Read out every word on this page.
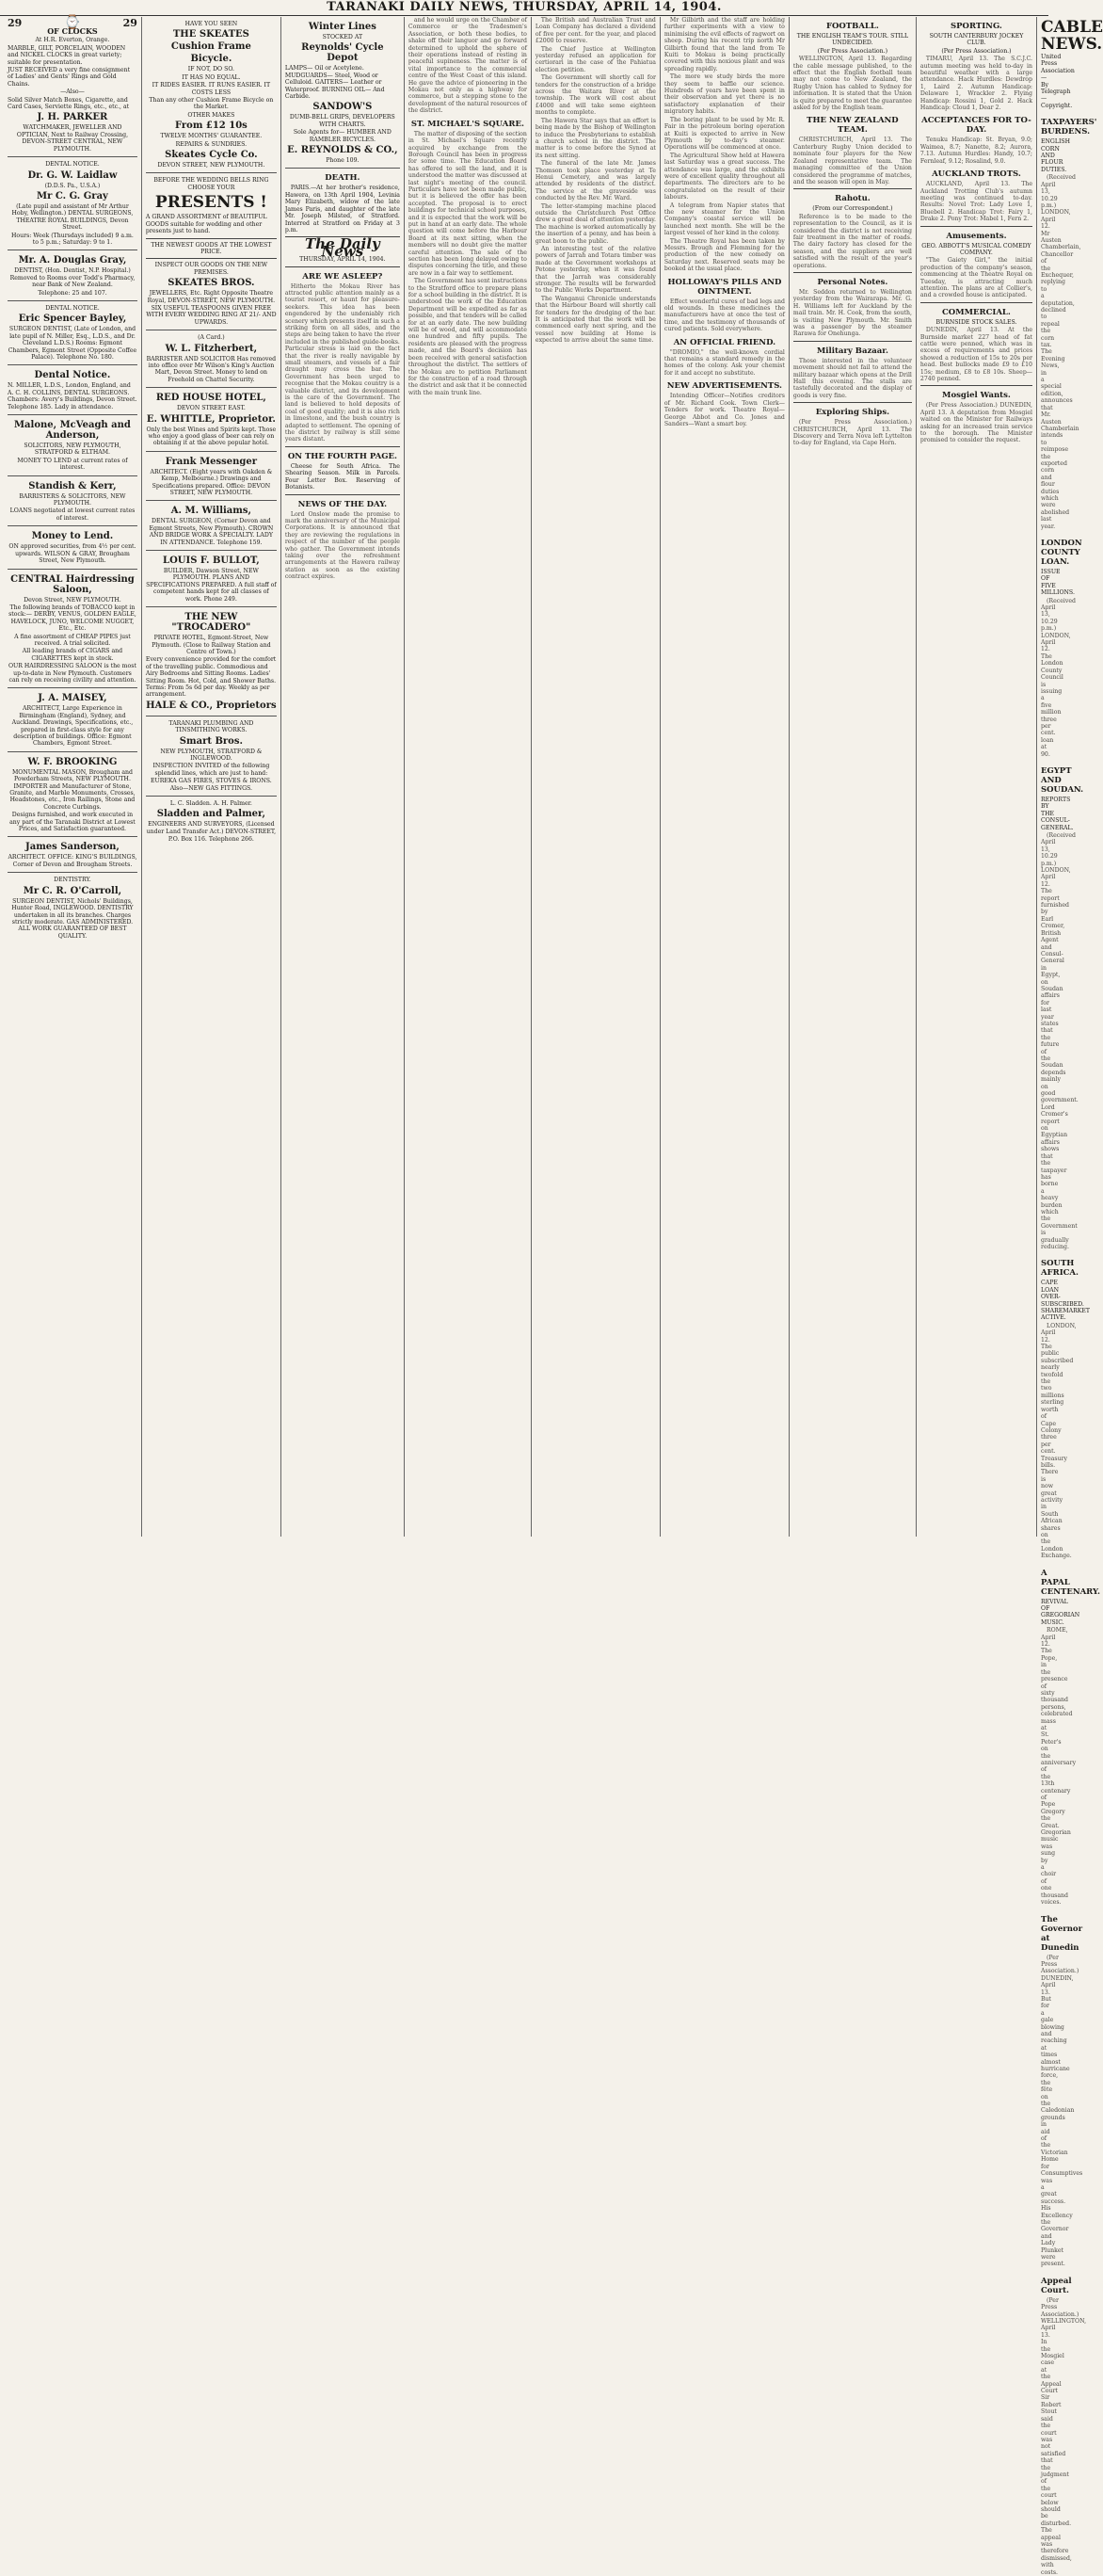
TARANAKI DAILY NEWS, THURSDAY, APRIL 14, 1904.
29	⌚	29
OF CLOCKS

At H.R. Everton, Orange.

MARBLE, GILT, PORCELAIN, WOODEN and NICKEL CLOCKS in great variety; suitable for presentation.

JUST RECEIVED a very fine consignment of Ladies' and Gents' Rings and Gold Chains.

—Also—

Solid Silver Match Boxes, Cigarette, and Card Cases, Serviette Rings, etc., etc., at

J. H. PARKER

WATCHMAKER, JEWELLER AND OPTICIAN, Next to Railway Crossing, DEVON-STREET CENTRAL, NEW PLYMOUTH.

DENTAL NOTICE.

Dr. G. W. Laidlaw

(D.D.S. Pa., U.S.A.)

Mr C. G. Gray

(Late pupil and assistant of Mr Arthur Hoby, Wellington.) DENTAL SURGEONS, THEATRE ROYAL BUILDINGS, Devon Street.

Hours: Week (Thursdays included) 9 a.m. to 5 p.m.; Saturday: 9 to 1.

Mr. A. Douglas Gray,

DENTIST, (Hon. Dentist, N.P. Hospital.) Removed to Rooms over Todd's Pharmacy, near Bank of New Zealand.

Telephone: 25 and 107.

DENTAL NOTICE.

Eric Spencer Bayley,

SURGEON DENTIST, (Late of London, and late pupil of N. Miller, Esq., L.D.S., and Dr. Cleveland L.D.S.) Rooms: Egmont Chambers, Egmont Street (Opposite Coffee Palace). Telephone No. 180.

Dental Notice.

N. MILLER, L.D.S., London, England, and A. C. H. COLLINS, DENTAL SURGEONS. Chambers: Avery's Buildings, Devon Street. Telephone 185. Lady in attendance.

Malone, McVeagh and Anderson,

SOLICITORS, NEW PLYMOUTH, STRATFORD & ELTHAM.

MONEY TO LEND at current rates of interest.

Standish & Kerr,

BARRISTERS & SOLICITORS, NEW PLYMOUTH.

LOANS negotiated at lowest current rates of interest.

Money to Lend.

ON approved securities, from 4½ per cent. upwards. WILSON & GRAY, Brougham Street, New Plymouth.

CENTRAL Hairdressing Saloon,

Devon Street, NEW PLYMOUTH.

The following brands of TOBACCO kept in stock:— DERBY, VENUS, GOLDEN EAGLE, HAVELOCK, JUNO, WELCOME NUGGET, Etc., Etc.

A fine assortment of CHEAP PIPES just received. A trial solicited.

All leading brands of CIGARS and CIGARETTES kept in stock.

OUR HAIRDRESSING SALOON is the most up-to-date in New Plymouth. Customers can rely on receiving civility and attention.

J. A. MAISEY,

ARCHITECT, Large Experience in Birmingham (England), Sydney, and Auckland. Drawings, Specifications, etc., prepared in first-class style for any description of buildings. Office: Egmont Chambers, Egmont Street.

W. F. BROOKING

MONUMENTAL MASON, Brougham and Powderham Streets, NEW PLYMOUTH. IMPORTER and Manufacturer of Stone, Granite, and Marble Monuments, Crosses, Headstones, etc., Iron Railings, Stone and Concrete Curbings.

Designs furnished, and work executed in any part of the Taranaki District at Lowest Prices, and Satisfaction guaranteed.

James Sanderson,

ARCHITECT. OFFICE: KING'S BUILDINGS, Corner of Devon and Brougham Streets.

DENTISTRY.

Mr C. R. O'Carroll,

SURGEON DENTIST, Nichols' Buildings, Hunter Road, INGLEWOOD. DENTISTRY undertaken in all its branches. Charges strictly moderate. GAS ADMINISTERED. ALL WORK GUARANTEED OF BEST QUALITY.

HAVE YOU SEEN

THE SKEATES
Cushion Frame
Bicycle.

IF NOT, DO SO.

IT HAS NO EQUAL.

IT RIDES EASIER. IT RUNS EASIER. IT COSTS LESS

Than any other Cushion Frame Bicycle on the Market.

OTHER MAKES

From £12 10s

TWELVE MONTHS' GUARANTEE.

REPAIRS & SUNDRIES.

Skeates Cycle Co.

DEVON STREET, NEW PLYMOUTH.

BEFORE THE WEDDING BELLS RING CHOOSE YOUR

PRESENTS !

A GRAND ASSORTMENT of BEAUTIFUL GOODS suitable for wedding and other presents just to hand.

THE NEWEST GOODS AT THE LOWEST PRICE.

INSPECT OUR GOODS ON THE NEW PREMISES.

SKEATES BROS.

JEWELLERS, Etc. Right Opposite Theatre Royal, DEVON-STREET, NEW PLYMOUTH.

SIX USEFUL TEASPOONS GIVEN FREE WITH EVERY WEDDING RING AT 21/- AND UPWARDS.

(A Card.)

W. L. Fitzherbert,

BARRISTER AND SOLICITOR Has removed into office over Mr Wilson's King's Auction Mart, Devon Street. Money to lend on Freehold on Chattel Security.

RED HOUSE HOTEL,

DEVON STREET EAST.

E. WHITTLE, Proprietor.

Only the best Wines and Spirits kept. Those who enjoy a good glass of beer can rely on obtaining it at the above popular hotel.

Frank Messenger

ARCHITECT. (Eight years with Oakden & Kemp, Melbourne.) Drawings and Specifications prepared. Office: DEVON STREET, NEW PLYMOUTH.

A. M. Williams,

DENTAL SURGEON, (Corner Devon and Egmont Streets, New Plymouth). CROWN AND BRIDGE WORK A SPECIALTY. LADY IN ATTENDANCE. Telephone 159.

LOUIS F. BULLOT,

BUILDER, Dawson Street, NEW PLYMOUTH. PLANS AND SPECIFICATIONS PREPARED. A full staff of competent hands kept for all classes of work. Phone 249.

THE NEW "TROCADERO"

PRIVATE HOTEL, Egmont-Street, New Plymouth. (Close to Railway Station and Centre of Town.)

Every convenience provided for the comfort of the travelling public. Commodious and Airy Bedrooms and Sitting Rooms. Ladies' Sitting Room. Hot, Cold, and Shower Baths. Terms: From 5s 6d per day. Weekly as per arrangement.

HALE & CO., Proprietors

TARANAKI PLUMBING AND TINSMITHING WORKS.

Smart Bros.

NEW PLYMOUTH, STRATFORD & INGLEWOOD.

INSPECTION INVITED of the following splendid lines, which are just to hand:

EUREKA GAS FIRES, STOVES & IRONS. Also—NEW GAS FITTINGS.

L. C. Sladden. A. H. Palmer.

Sladden and Palmer,

ENGINEERS AND SURVEYORS, (Licensed under Land Transfer Act.) DEVON-STREET,

P.O. Box 116. Telephone 266.

Winter Lines

STOCKED AT

Reynolds' Cycle Depot

LAMPS— Oil or Acetylene. MUDGUARDS— Steel, Wood or Celluloid. GAITERS— Leather or Waterproof. BURNING OIL— And Carbide.

SANDOW'S

DUMB-BELL GRIPS, DEVELOPERS WITH CHARTS.

Sole Agents for— HUMBER AND RAMBLER BICYCLES.

E. REYNOLDS & CO.,

Phone 109.

DEATH.

PARIS.—At her brother's residence, Hawera, on 13th April 1904, Levinia Mary Elizabeth, widow of the late James Paris, and daughter of the late Mr. Joseph Milsted, of Stratford. Interred at Stratford on Friday at 3 p.m.

The Daily News
THURSDAY, APRIL 14, 1904.
ARE WE ASLEEP?

Hitherto the Mokau River has attracted public attention mainly as a tourist resort, or haunt for pleasure-seekers. This idea has been engendered by the undeniably rich scenery which presents itself in such a striking form on all sides, and the steps are being taken to have the river included in the published guide-books. Particular stress is laid on the fact that the river is really navigable by small steamers, and vessels of a fair draught may cross the bar. The Government has been urged to recognise that the Mokau country is a valuable district, and its development is the care of the Government. The land is believed to hold deposits of coal of good quality; and it is also rich in limestone, and the bush country is adapted to settlement. The opening of the district by railway is still some years distant.

ON THE FOURTH PAGE.

Cheese for South Africa. The Shearing Season. Milk in Parcels. Four Letter Box. Reserving of Botanists.

NEWS OF THE DAY.

Lord Onslow made the promise to mark the anniversary of the Municipal Corporations. It is announced that they are reviewing the regulations in respect of the number of the people who gather. The Government intends taking over the refreshment arrangements at the Hawera railway station as soon as the existing contract expires.

and he would urge on the Chamber of Commerce or the Tradesmen's Association, or both these bodies, to shake off their languor and go forward determined to uphold the sphere of their operations instead of resting in peaceful supineness. The matter is of vital importance to the commercial centre of the West Coast of this island. He gave the advice of pioneering in the Mokau not only as a highway for commerce, but a stepping stone to the development of the natural resources of the district.

ST. MICHAEL'S SQUARE.

The matter of disposing of the section in St. Michael's Square recently acquired by exchange from the Borough Council has been in progress for some time. The Education Board has offered to sell the land, and it is understood the matter was discussed at last night's meeting of the council. Particulars have not been made public, but it is believed the offer has been accepted. The proposal is to erect buildings for technical school purposes, and it is expected that the work will be put in hand at an early date. The whole question will come before the Harbour Board at its next sitting, when the members will no doubt give the matter careful attention. The sale of the section has been long delayed owing to disputes concerning the title, and these are now in a fair way to settlement.

The Government has sent instructions to the Stratford office to prepare plans for a school building in the district. It is understood the work of the Education Department will be expedited as far as possible, and that tenders will be called for at an early date. The new building will be of wood, and will accommodate one hundred and fifty pupils. The residents are pleased with the progress made, and the Board's decision has been received with general satisfaction throughout the district. The settlers of the Mokau are to petition Parliament for the construction of a road through the district and ask that it be connected with the main trunk line.

The British and Australian Trust and Loan Company has declared a dividend of five per cent. for the year, and placed £2000 to reserve.

The Chief Justice at Wellington yesterday refused an application for certiorari in the case of the Pahiatua election petition.

The Government will shortly call for tenders for the construction of a bridge across the Waitara River at the township. The work will cost about £4000 and will take some eighteen months to complete.

The Hawera Star says that an effort is being made by the Bishop of Wellington to induce the Presbyterians to establish a church school in the district. The matter is to come before the Synod at its next sitting.

The funeral of the late Mr. James Thomson took place yesterday at Te Henui Cemetery, and was largely attended by residents of the district. The service at the graveside was conducted by the Rev. Mr. Ward.

The letter-stamping machine placed outside the Christchurch Post Office drew a great deal of attention yesterday. The machine is worked automatically by the insertion of a penny, and has been a great boon to the public.

An interesting test of the relative powers of Jarrah and Totara timber was made at the Government workshops at Petone yesterday, when it was found that the Jarrah was considerably stronger. The results will be forwarded to the Public Works Department.

The Wanganui Chronicle understands that the Harbour Board will shortly call for tenders for the dredging of the bar. It is anticipated that the work will be commenced early next spring, and the vessel now building at Home is expected to arrive about the same time.

Mr Gilbirth and the staff are holding further experiments with a view to minimising the evil effects of ragwort on sheep. During his recent trip north Mr Gilbirth found that the land from Te Kuiti to Mokau is being practically covered with this noxious plant and was spreading rapidly.

The more we study birds the more they seem to baffle our science. Hundreds of years have been spent in their observation and yet there is no satisfactory explanation of their migratory habits.

The boring plant to be used by Mr. R. Fair in the petroleum boring operation at Kuiti is expected to arrive in New Plymouth by to-day's steamer. Operations will be commenced at once.

The Agricultural Show held at Hawera last Saturday was a great success. The attendance was large, and the exhibits were of excellent quality throughout all departments. The directors are to be congratulated on the result of their labours.

A telegram from Napier states that the new steamer for the Union Company's coastal service will be launched next month. She will be the largest vessel of her kind in the colony.

The Theatre Royal has been taken by Messrs. Brough and Flemming for the production of the new comedy on Saturday next. Reserved seats may be booked at the usual place.

HOLLOWAY'S PILLS AND OINTMENT.

Effect wonderful cures of bad legs and old wounds. In these medicines the manufacturers have at once the test of time, and the testimony of thousands of cured patients. Sold everywhere.

AN OFFICIAL FRIEND.

"DROMIO," the well-known cordial that remains a standard remedy in the homes of the colony. Ask your chemist for it and accept no substitute.

NEW ADVERTISEMENTS.

Intending Officer—Notifies creditors of Mr. Richard Cook. Town Clerk—Tenders for work. Theatre Royal—George Abbot and Co. Jones and Sanders—Want a smart boy.

FOOTBALL.
THE ENGLISH TEAM'S TOUR. STILL UNDECIDED.
(Per Press Association.)

WELLINGTON, April 13. Regarding the cable message published, to the effect that the English football team may not come to New Zealand, the Rugby Union has cabled to Sydney for information. It is stated that the Union is quite prepared to meet the guarantee asked for by the English team.

THE NEW ZEALAND TEAM.

CHRISTCHURCH, April 13. The Canterbury Rugby Union decided to nominate four players for the New Zealand representative team. The managing committee of the Union considered the programme of matches, and the season will open in May.

Rahotu.
(From our Correspondent.)

Reference is to be made to the representation to the Council, as it is considered the district is not receiving fair treatment in the matter of roads. The dairy factory has closed for the season, and the suppliers are well satisfied with the result of the year's operations.

Personal Notes.

Mr. Seddon returned to Wellington yesterday from the Wairarapa. Mr. G. H. Williams left for Auckland by the mail train. Mr. H. Cook, from the south, is visiting New Plymouth. Mr. Smith was a passenger by the steamer Rarawa for Onehunga.

Military Bazaar.

Those interested in the volunteer movement should not fail to attend the military bazaar which opens at the Drill Hall this evening. The stalls are tastefully decorated and the display of goods is very fine.

Exploring Ships.

(Per Press Association.) CHRISTCHURCH, April 13. The Discovery and Terra Nova left Lyttelton to-day for England, via Cape Horn.

SPORTING.
SOUTH CANTERBURY JOCKEY CLUB.
(Per Press Association.)

TIMARU, April 13. The S.C.J.C. autumn meeting was held to-day in beautiful weather with a large attendance. Hack Hurdles: Dewdrop 1, Laird 2. Autumn Handicap: Delaware 1, Wrackler 2. Flying Handicap: Rossini 1, Gold 2. Hack Handicap: Cloud 1, Dear 2.

ACCEPTANCES FOR TO-DAY.

Tenuku Handicap: St. Bryan, 9.0; Waimea, 8.7; Nanette, 8.2; Aurora, 7.13. Autumn Hurdles: Handy, 10.7; Fernleaf, 9.12; Rosalind, 9.0.

AUCKLAND TROTS.

AUCKLAND, April 13. The Auckland Trotting Club's autumn meeting was continued to-day. Results: Novel Trot: Lady Love 1, Bluebell 2. Handicap Trot: Fairy 1, Drake 2. Pony Trot: Mabel 1, Fern 2.

Amusements.
GEO. ABBOTT'S MUSICAL COMEDY COMPANY.

"The Gaiety Girl," the initial production of the company's season, commencing at the Theatre Royal on Tuesday, is attracting much attention. The plans are at Collier's, and a crowded house is anticipated.

COMMERCIAL.
BURNSIDE STOCK SALES.

DUNEDIN, April 13. At the Burnside market 227 head of fat cattle were penned, which was in excess of requirements and prices showed a reduction of 15s to 20s per head. Best bullocks made £9 to £10 15s; medium, £8 to £8 10s. Sheep—2740 penned.

Mosgiel Wants.

(Per Press Association.) DUNEDIN, April 13. A deputation from Mosgiel waited on the Minister for Railways asking for an increased train service to the borough. The Minister promised to consider the request.

CABLE NEWS.
United Press Association—By Telegraph—Copyright.
TAXPAYERS' BURDENS.
ENGLISH CORN AND FLOUR DUTIES.

(Received April 13, 10.29 p.m.) LONDON, April 12. Mr Austen Chamberlain, Chancellor of the Exchequer, replying to a deputation, declined to repeal the corn tax. The Evening News, in a special edition, announces that Mr. Austen Chamberlain intends to reimpose the exported corn and flour duties which were abolished last year.

LONDON COUNTY LOAN.
ISSUE OF FIVE MILLIONS.

(Received April 13, 10.29 p.m.) LONDON, April 12. The London County Council is issuing a five million three per cent. loan at 90.

EGYPT AND SOUDAN.
REPORTS BY THE CONSUL-GENERAL.

(Received April 13, 10.29 p.m.) LONDON, April 12. The report furnished by Earl Cromer, British Agent and Consul-General in Egypt, on Soudan affairs for last year states that the future of the Soudan depends mainly on good government. Lord Cromer's report on Egyptian affairs shows that the taxpayer has borne a heavy burden which the Government is gradually reducing.

SOUTH AFRICA.
CAPE LOAN OVER-SUBSCRIBED. SHAREMARKET ACTIVE.

LONDON, April 12. The public subscribed nearly twofold the two millions sterling worth of Cape Colony three per cent. Treasury bills. There is now great activity in South African shares on the London Exchange.

A PAPAL CENTENARY.
REVIVAL OF GREGORIAN MUSIC.

ROME, April 12. The Pope, in the presence of sixty thousand persons, celebrated mass at St. Peter's on the anniversary of the 13th centenary of Pope Gregory the Great. Gregorian music was sung by a choir of one thousand voices.

The Governor at Dunedin

(Per Press Association.) DUNEDIN, April 13. But for a gale blowing and reaching at times almost hurricane force, the fête on the Caledonian grounds in aid of the Victorian Home for Consumptives was a great success. His Excellency the Governor and Lady Plunket were present.

Appeal Court.

(Per Press Association.) WELLINGTON, April 13. In the Mosgiel case at the Appeal Court Sir Robert Stout said the court was not satisfied that the judgment of the court below should be disturbed. The appeal was therefore dismissed, with costs.
